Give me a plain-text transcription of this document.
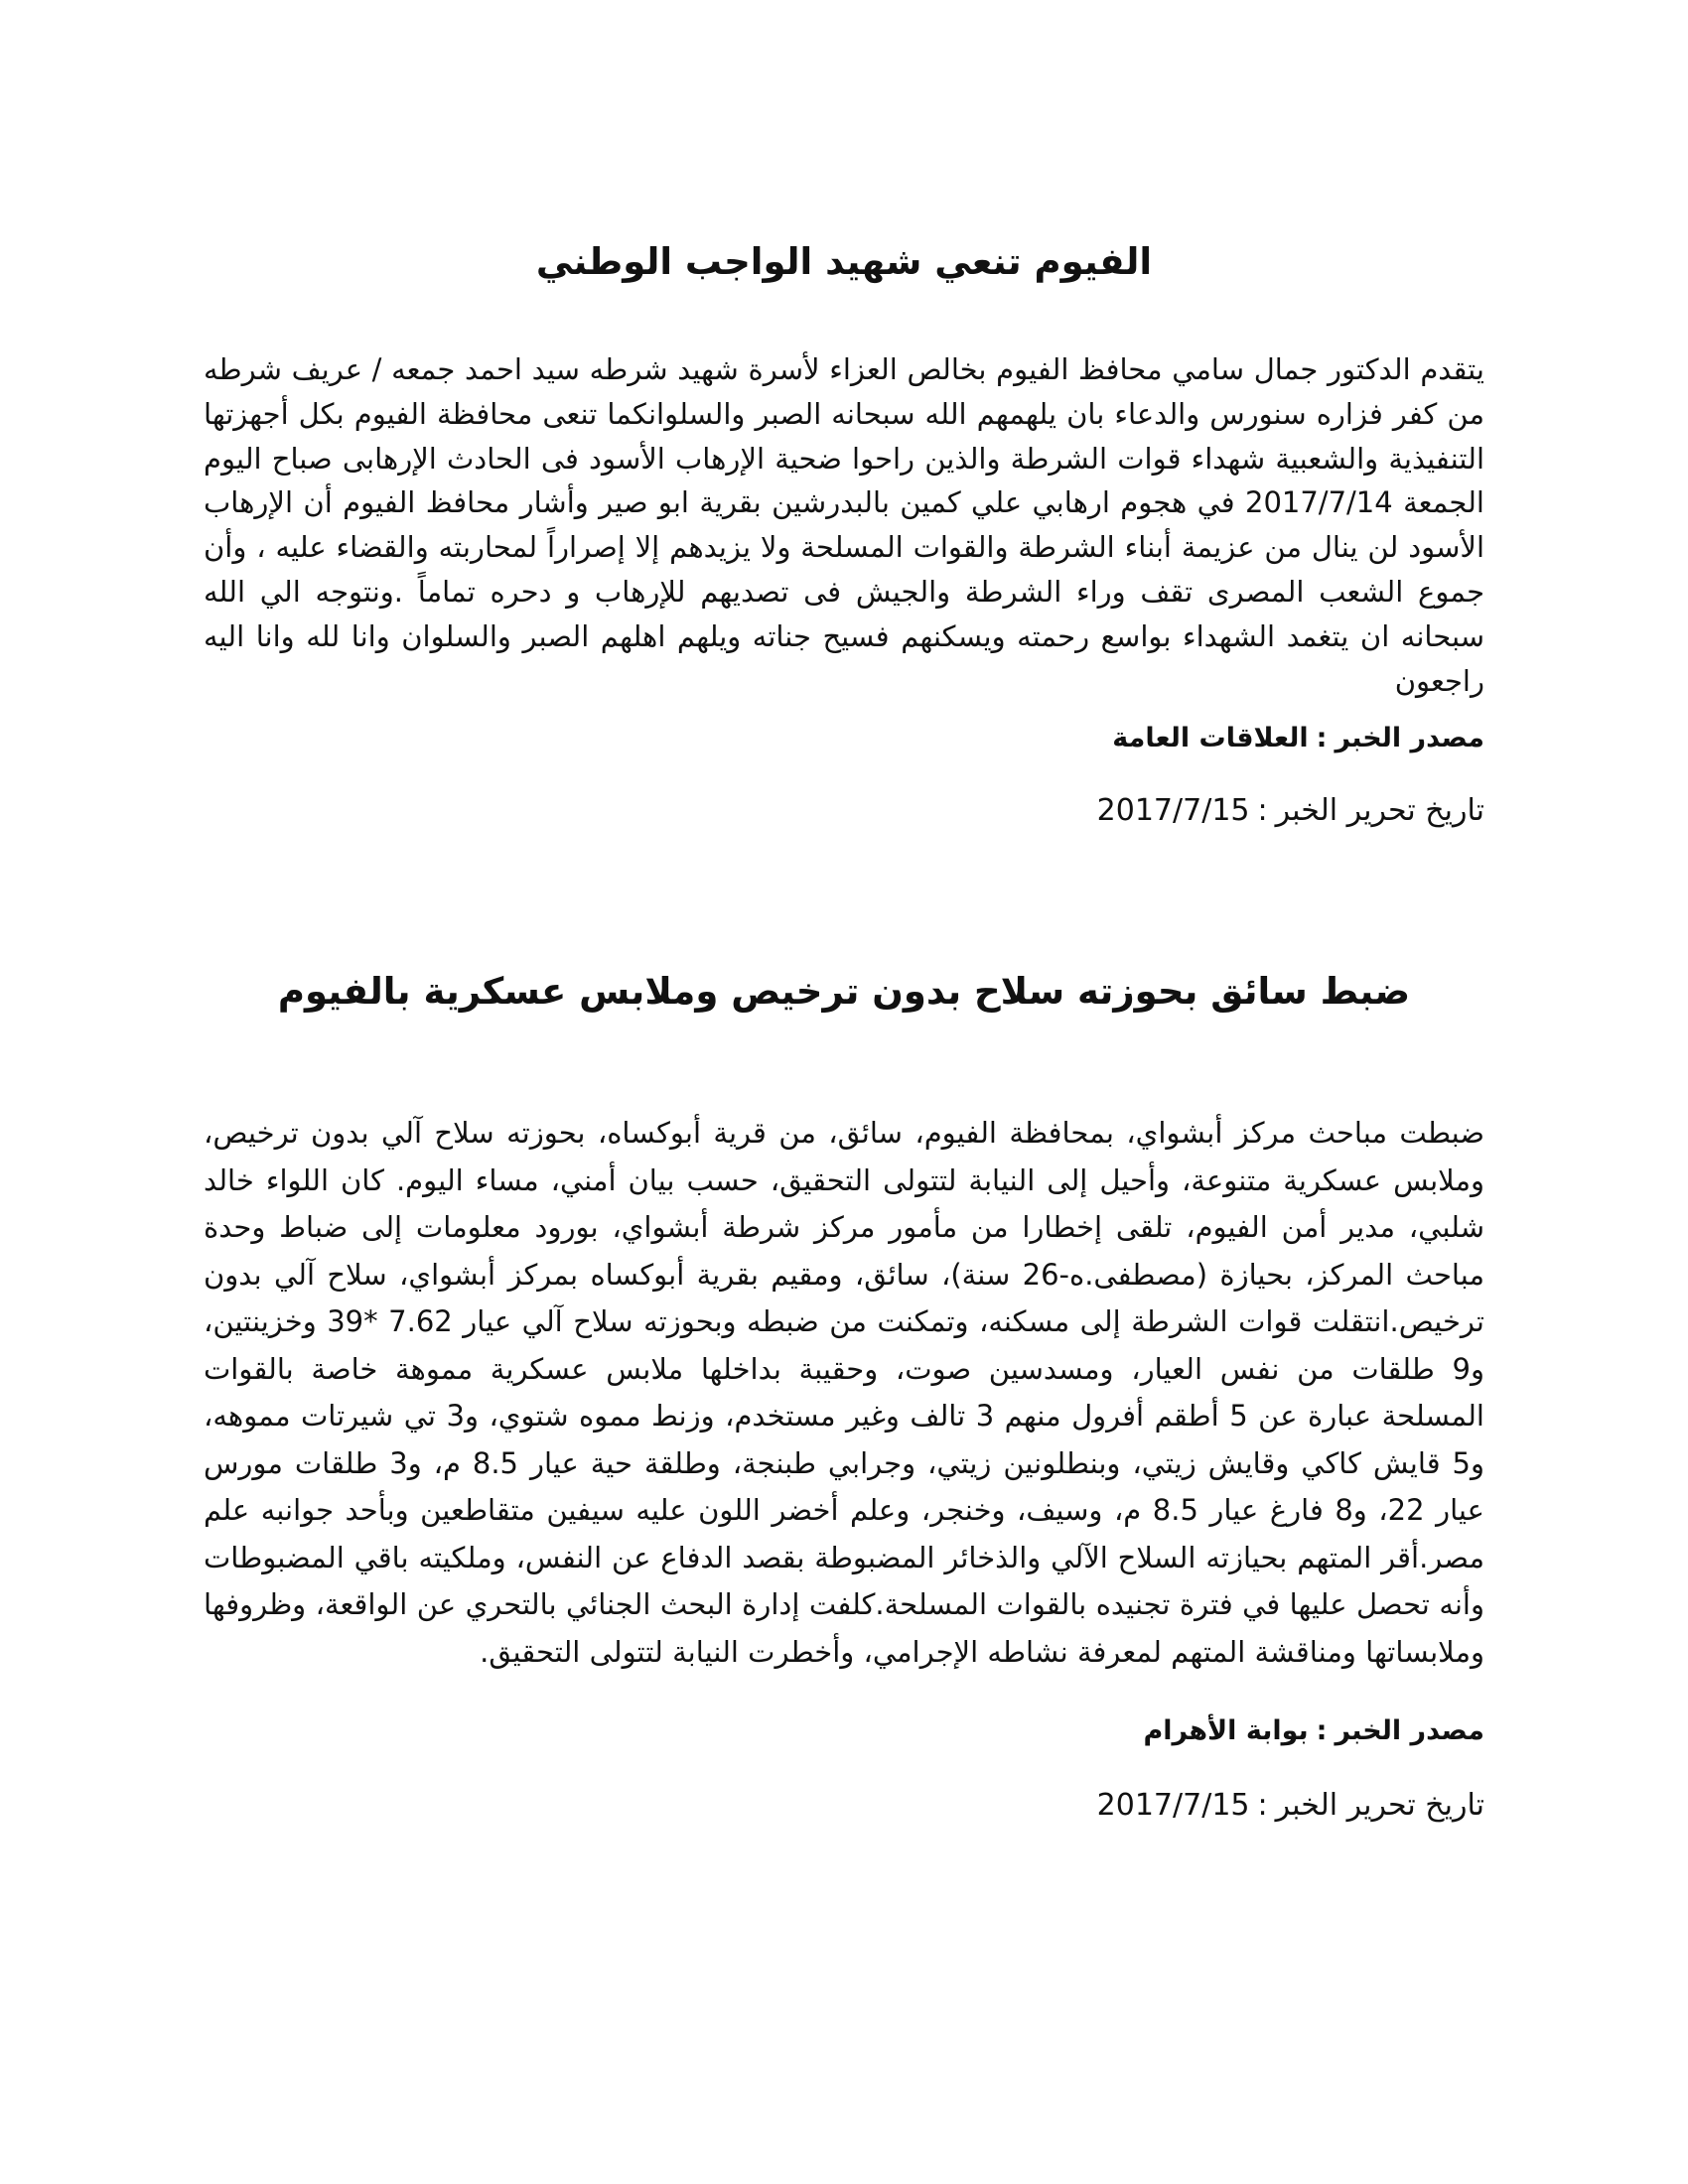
الفيوم تنعي شهيد الواجب الوطني

يتقدم الدكتور جمال سامي محافظ الفيوم بخالص العزاء لأسرة شهيد شرطه سيد احمد جمعه / عريف شرطه من كفر فزاره سنورس والدعاء بان يلهمهم الله سبحانه الصبر والسلوانكما تنعى محافظة الفيوم بكل أجهزتها التنفيذية والشعبية شهداء قوات الشرطة والذين راحوا ضحية الإرهاب الأسود فى الحادث الإرهابى صباح اليوم الجمعة 2017/7/14 في هجوم ارهابي علي كمين بالبدرشين بقرية ابو صير وأشار محافظ الفيوم أن الإرهاب الأسود لن ينال من عزيمة أبناء الشرطة والقوات المسلحة ولا يزيدهم إلا إصراراً لمحاربته والقضاء عليه ، وأن جموع الشعب المصرى تقف وراء الشرطة والجيش فى تصديهم للإرهاب و دحره تماماً .ونتوجه الي الله سبحانه ان يتغمد الشهداء بواسع رحمته ويسكنهم فسيح جناته ويلهم اهلهم الصبر والسلوان وانا لله وانا اليه راجعون

مصدر الخبر:العلاقات العامة

تاريخ تحرير الخبر:2017/7/15

ضبط سائق بحوزته سلاح بدون ترخيص وملابس عسكرية بالفيوم

ضبطت مباحث مركز أبشواي، بمحافظة الفيوم، سائق، من قرية أبوكساه، بحوزته سلاح آلي بدون ترخيص، وملابس عسكرية متنوعة، وأحيل إلى النيابة لتتولى التحقيق، حسب بيان أمني، مساء اليوم. كان اللواء خالد شلبي، مدير أمن الفيوم، تلقى إخطارا من مأمور مركز شرطة أبشواي، بورود معلومات إلى ضباط وحدة مباحث المركز، بحيازة (مصطفى.ه-26 سنة)، سائق، ومقيم بقرية أبوكساه بمركز أبشواي، سلاح آلي بدون ترخيص.انتقلت قوات الشرطة إلى مسكنه، وتمكنت من ضبطه وبحوزته سلاح آلي عيار 7.62 *39 وخزينتين، و9 طلقات من نفس العيار، ومسدسين صوت، وحقيبة بداخلها ملابس عسكرية مموهة خاصة بالقوات المسلحة عبارة عن 5 أطقم أفرول منهم 3 تالف وغير مستخدم، وزنط مموه شتوي، و3 تي شيرتات مموهه، و5 قايش كاكي وقايش زيتي، وبنطلونين زيتي، وجرابي طبنجة، وطلقة حية عيار 8.5 م، و3 طلقات مورس عيار 22، و8 فارغ عيار 8.5 م، وسيف، وخنجر، وعلم أخضر اللون عليه سيفين متقاطعين وبأحد جوانبه علم مصر.أقر المتهم بحيازته السلاح الآلي والذخائر المضبوطة بقصد الدفاع عن النفس، وملكيته باقي المضبوطات وأنه تحصل عليها في فترة تجنيده بالقوات المسلحة.كلفت إدارة البحث الجنائي بالتحري عن الواقعة، وظروفها وملابساتها ومناقشة المتهم لمعرفة نشاطه الإجرامي، وأخطرت النيابة لتتولى التحقيق.

مصدر الخبر:بوابة الأهرام

تاريخ تحرير الخبر:2017/7/15
